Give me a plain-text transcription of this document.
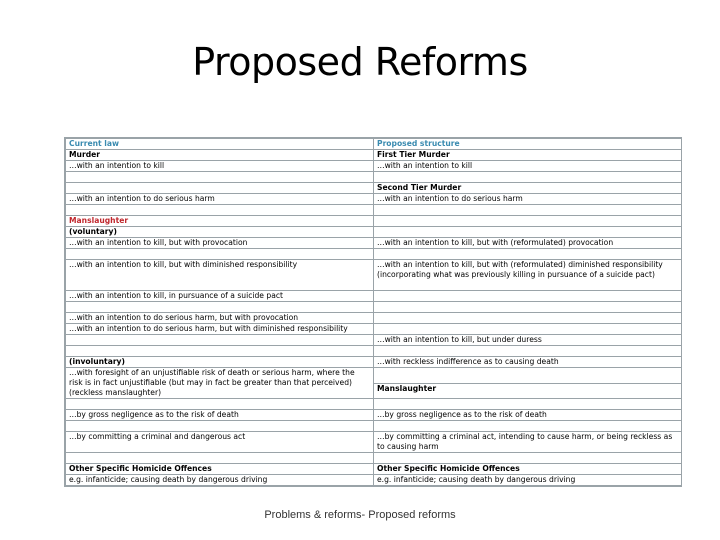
Proposed Reforms
Current law	Proposed structure
Murder	First Tier Murder
…with an intention to kill	…with an intention to kill

	Second Tier Murder
…with an intention to do serious harm	…with an intention to do serious harm

Manslaughter	
(voluntary)	
…with an intention to kill, but with provocation	…with an intention to kill, but with (reformulated) provocation

…with an intention to kill, but with diminished responsibility	…with an intention to kill, but with (reformulated) diminished responsibility (incorporating what was previously killing in pursuance of a suicide pact)
…with an intention to kill, in pursuance of a suicide pact	

…with an intention to do serious harm, but with provocation	
…with an intention to do serious harm, but with diminished responsibility	
	…with an intention to kill, but under duress

(involuntary)	…with reckless indifference as to causing death
…with foresight of an unjustifiable risk of death or serious harm, where the risk is in fact unjustifiable (but may in fact be greater than that perceived) (reckless manslaughter)	
	Manslaughter

…by gross negligence as to the risk of death	…by gross negligence as to the risk of death

…by committing a criminal and dangerous act	…by committing a criminal act, intending to cause harm, or being reckless as to causing harm

Other Specific Homicide Offences	Other Specific Homicide Offences
e.g. infanticide; causing death by dangerous driving	e.g. infanticide; causing death by dangerous driving
Problems & reforms- Proposed reforms
